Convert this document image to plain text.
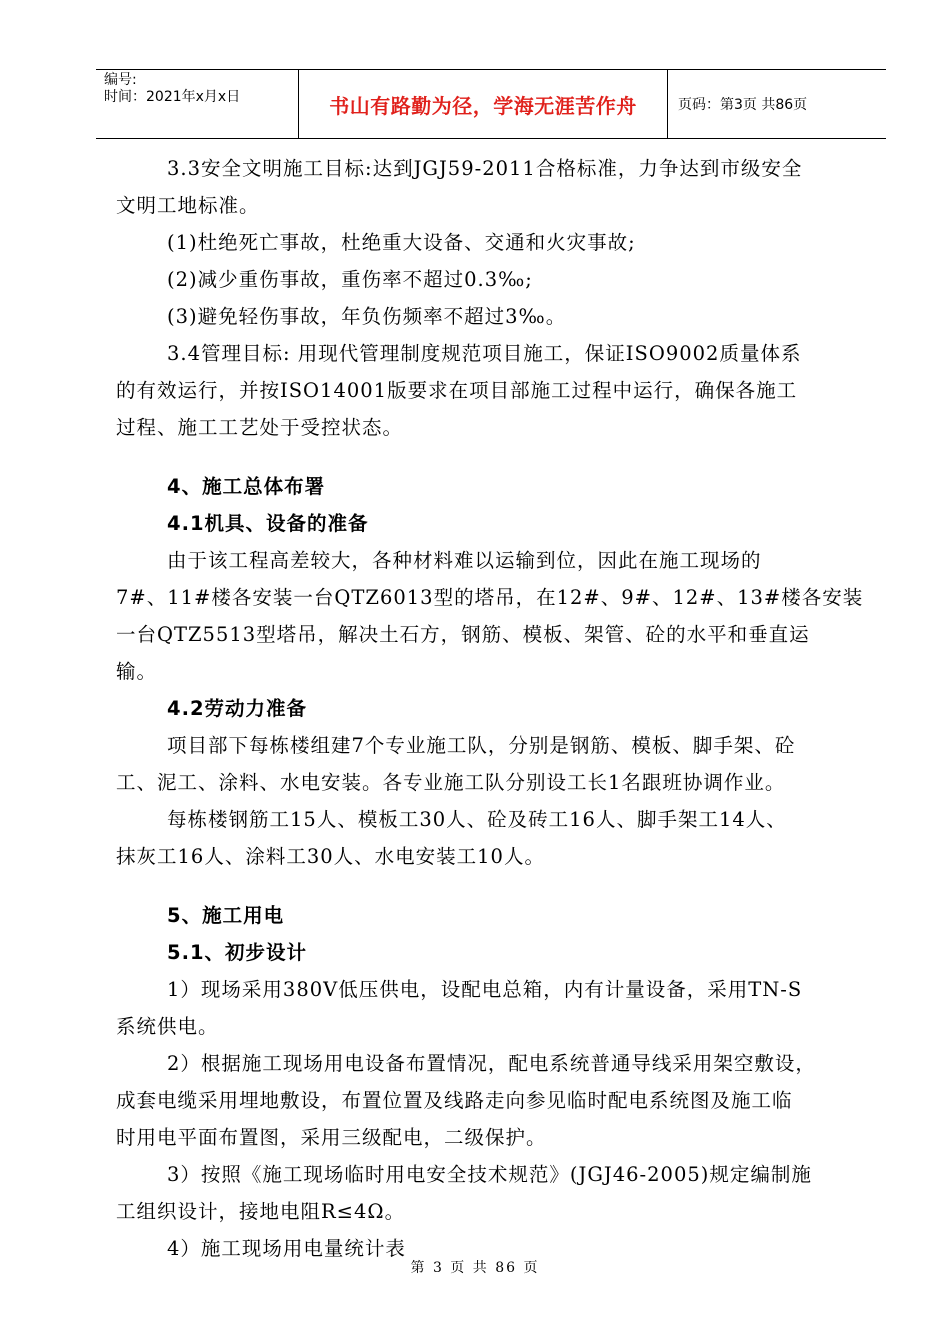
编号:
时间：2021年x月x日	书山有路勤为径，学海无涯苦作舟	页码：第3页 共86页

3.3安全文明施工目标:达到JGJ59-2011合格标准，力争达到市级安全

文明工地标准。

(1)杜绝死亡事故，杜绝重大设备、交通和火灾事故;

(2)减少重伤事故，重伤率不超过0.3‰;

(3)避免轻伤事故，年负伤频率不超过3‰。

3.4管理目标: 用现代管理制度规范项目施工，保证ISO9002质量体系

的有效运行，并按ISO14001版要求在项目部施工过程中运行，确保各施工

过程、施工工艺处于受控状态。

4、施工总体布署

4.1机具、设备的准备

由于该工程高差较大，各种材料难以运输到位，因此在施工现场的

7#、11#楼各安装一台QTZ6013型的塔吊，在12#、9#、12#、13#楼各安装

一台QTZ5513型塔吊，解决土石方，钢筋、模板、架管、砼的水平和垂直运

输。

4.2劳动力准备

项目部下每栋楼组建7个专业施工队，分别是钢筋、模板、脚手架、砼

工、泥工、涂料、水电安装。各专业施工队分别设工长1名跟班协调作业。

每栋楼钢筋工15人、模板工30人、砼及砖工16人、脚手架工14人、

抹灰工16人、涂料工30人、水电安装工10人。

5、施工用电

5.1、初步设计

1）现场采用380V低压供电，设配电总箱，内有计量设备，采用TN-S

系统供电。

2）根据施工现场用电设备布置情况，配电系统普通导线采用架空敷设，

成套电缆采用埋地敷设，布置位置及线路走向参见临时配电系统图及施工临

时用电平面布置图，采用三级配电，二级保护。

3）按照《施工现场临时用电安全技术规范》(JGJ46-2005)规定编制施

工组织设计，接地电阻R≤4Ω。

4）施工现场用电量统计表

第 3 页 共 86 页
